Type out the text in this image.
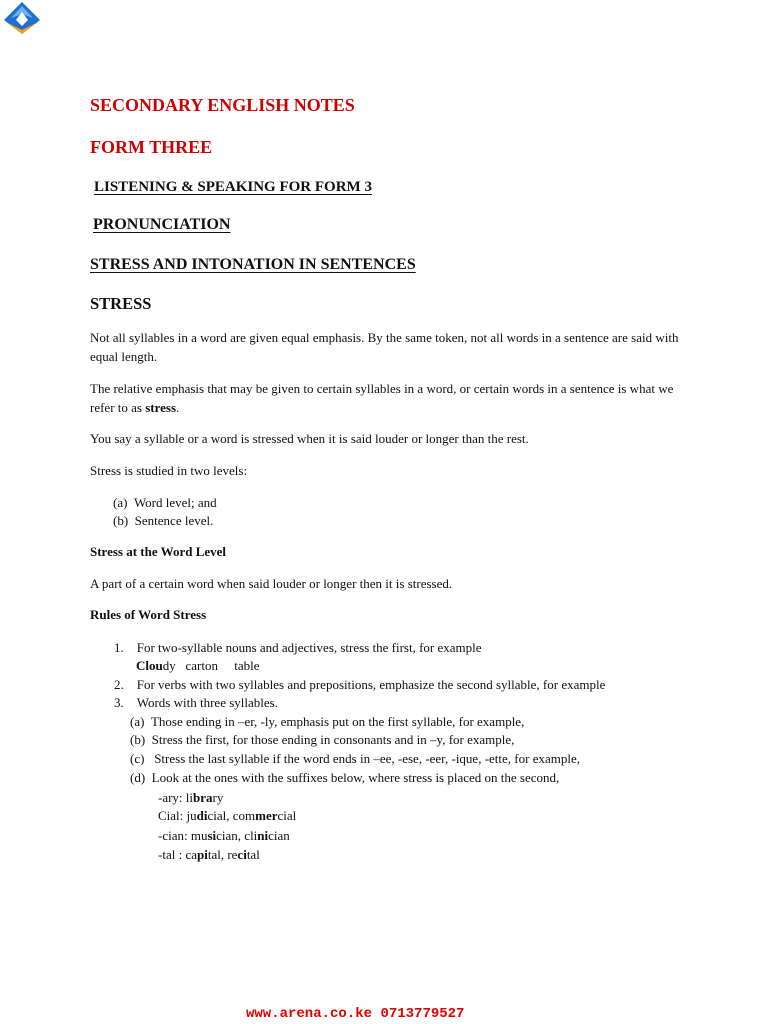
SECONDARY ENGLISH NOTES
FORM THREE
LISTENING & SPEAKING FOR FORM 3
PRONUNCIATION
STRESS AND INTONATION IN SENTENCES
STRESS
Not all syllables in a word are given equal emphasis. By the same token, not all words in a sentence are said with equal length.
The relative emphasis that may be given to certain syllables in a word, or certain words in a sentence is what we refer to as stress.
You say a syllable or a word is stressed when it is said louder or longer than the rest.
Stress is studied in two levels:
(a) Word level; and
(b) Sentence level.
Stress at the Word Level
A part of a certain word when said louder or longer then it is stressed.
Rules of Word Stress
1. For two-syllable nouns and adjectives, stress the first, for example
Cloudy carton table
2. For verbs with two syllables and prepositions, emphasize the second syllable, for example
3. Words with three syllables.
(a) Those ending in –er, -ly, emphasis put on the first syllable, for example,
(b) Stress the first, for those ending in consonants and in –y, for example,
(c) Stress the last syllable if the word ends in –ee, -ese, -eer, -ique, -ette, for example,
(d) Look at the ones with the suffixes below, where stress is placed on the second,
-ary: library
Cial: judicial, commercial
-cian: musician, clinician
-tal : capital, recital
www.arena.co.ke 0713779527
